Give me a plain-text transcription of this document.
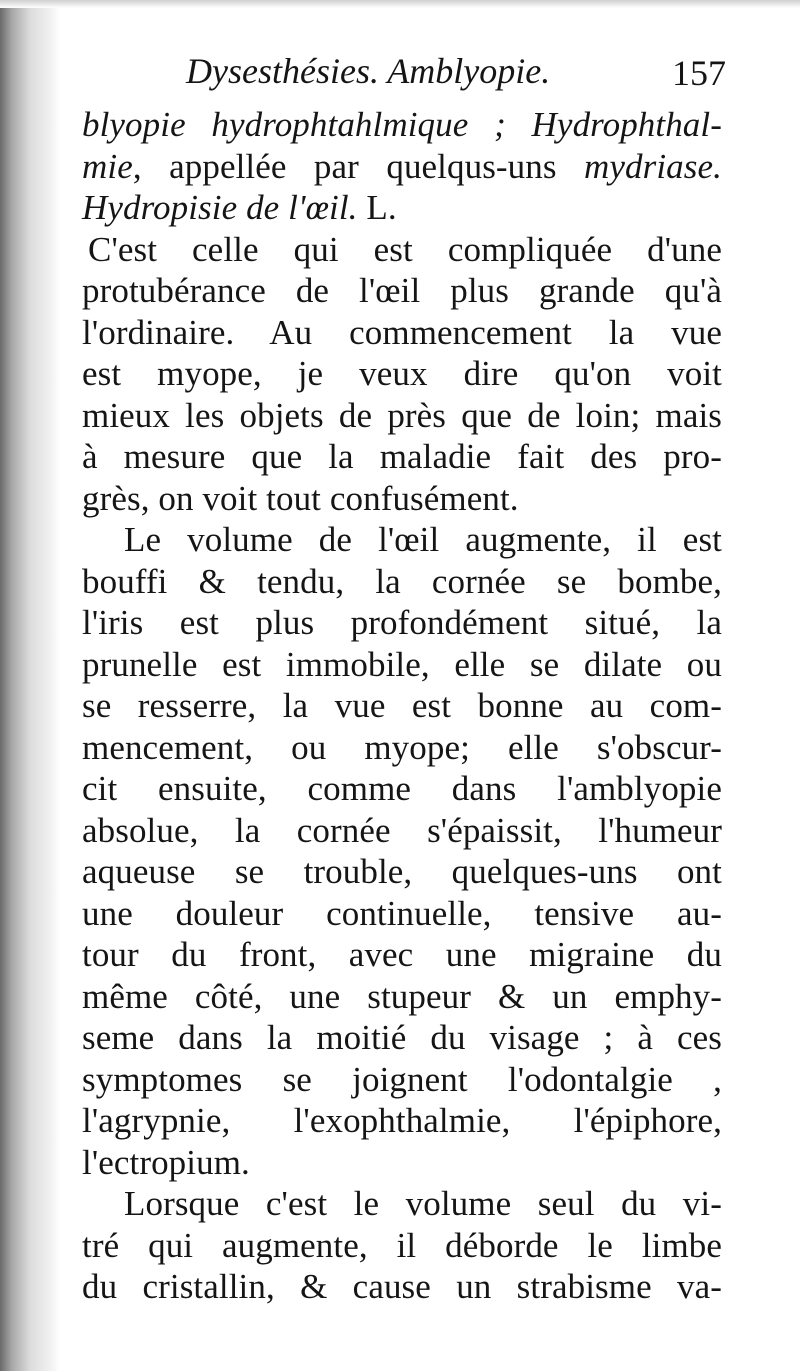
Dysesthésies. Amblyopie.	157
blyopie hydrophtahlmique ; Hydrophthal-
mie, appellée par quelqus-uns mydriase.
Hydropisie de l'œil. L.
C'est celle qui est compliquée d'une
protubérance de l'œil plus grande qu'à
l'ordinaire. Au commencement la vue
est myope, je veux dire qu'on voit
mieux les objets de près que de loin; mais
à mesure que la maladie fait des pro-
grès, on voit tout confusément.
Le volume de l'œil augmente, il est
bouffi & tendu, la cornée se bombe,
l'iris est plus profondément situé, la
prunelle est immobile, elle se dilate ou
se resserre, la vue est bonne au com-
mencement, ou myope; elle s'obscur-
cit ensuite, comme dans l'amblyopie
absolue, la cornée s'épaissit, l'humeur
aqueuse se trouble, quelques-uns ont
une douleur continuelle, tensive au-
tour du front, avec une migraine du
même côté, une stupeur & un emphy-
seme dans la moitié du visage ; à ces
symptomes se joignent l'odontalgie ,
l'agrypnie, l'exophthalmie, l'épiphore,
l'ectropium.
Lorsque c'est le volume seul du vi-
tré qui augmente, il déborde le limbe
du cristallin, & cause un strabisme va-
